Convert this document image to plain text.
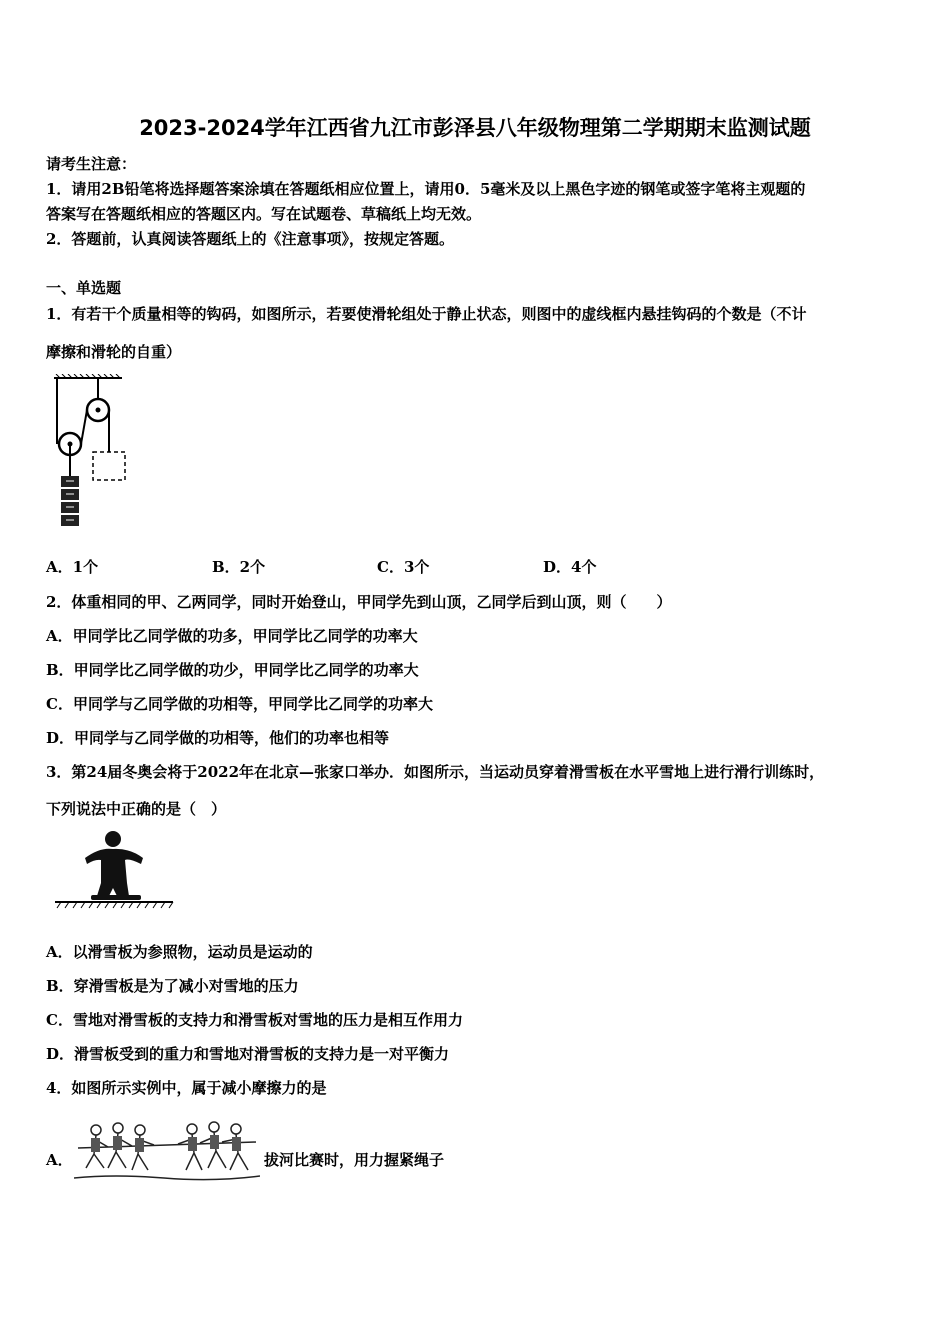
2023-2024学年江西省九江市彭泽县八年级物理第二学期期末监测试题
请考生注意：
1．请用2B铅笔将选择题答案涂填在答题纸相应位置上，请用0．5毫米及以上黑色字迹的钢笔或签字笔将主观题的
答案写在答题纸相应的答题区内。写在试题卷、草稿纸上均无效。
2．答题前，认真阅读答题纸上的《注意事项》，按规定答题。
一、单选题
1．有若干个质量相等的钩码，如图所示，若要使滑轮组处于静止状态，则图中的虚线框内悬挂钩码的个数是（不计
摩擦和滑轮的自重）
A．1个	B．2个	C．3个	D．4个
2．体重相同的甲、乙两同学，同时开始登山，甲同学先到山顶，乙同学后到山顶，则（　　）
A．甲同学比乙同学做的功多，甲同学比乙同学的功率大
B．甲同学比乙同学做的功少，甲同学比乙同学的功率大
C．甲同学与乙同学做的功相等，甲同学比乙同学的功率大
D．甲同学与乙同学做的功相等，他们的功率也相等
3．第24届冬奥会将于2022年在北京—张家口举办．如图所示，当运动员穿着滑雪板在水平雪地上进行滑行训练时，
下列说法中正确的是（　）
A．以滑雪板为参照物，运动员是运动的
B．穿滑雪板是为了减小对雪地的压力
C．雪地对滑雪板的支持力和滑雪板对雪地的压力是相互作用力
D．滑雪板受到的重力和雪地对滑雪板的支持力是一对平衡力
4．如图所示实例中，属于减小摩擦力的是
A．	拔河比赛时，用力握紧绳子
